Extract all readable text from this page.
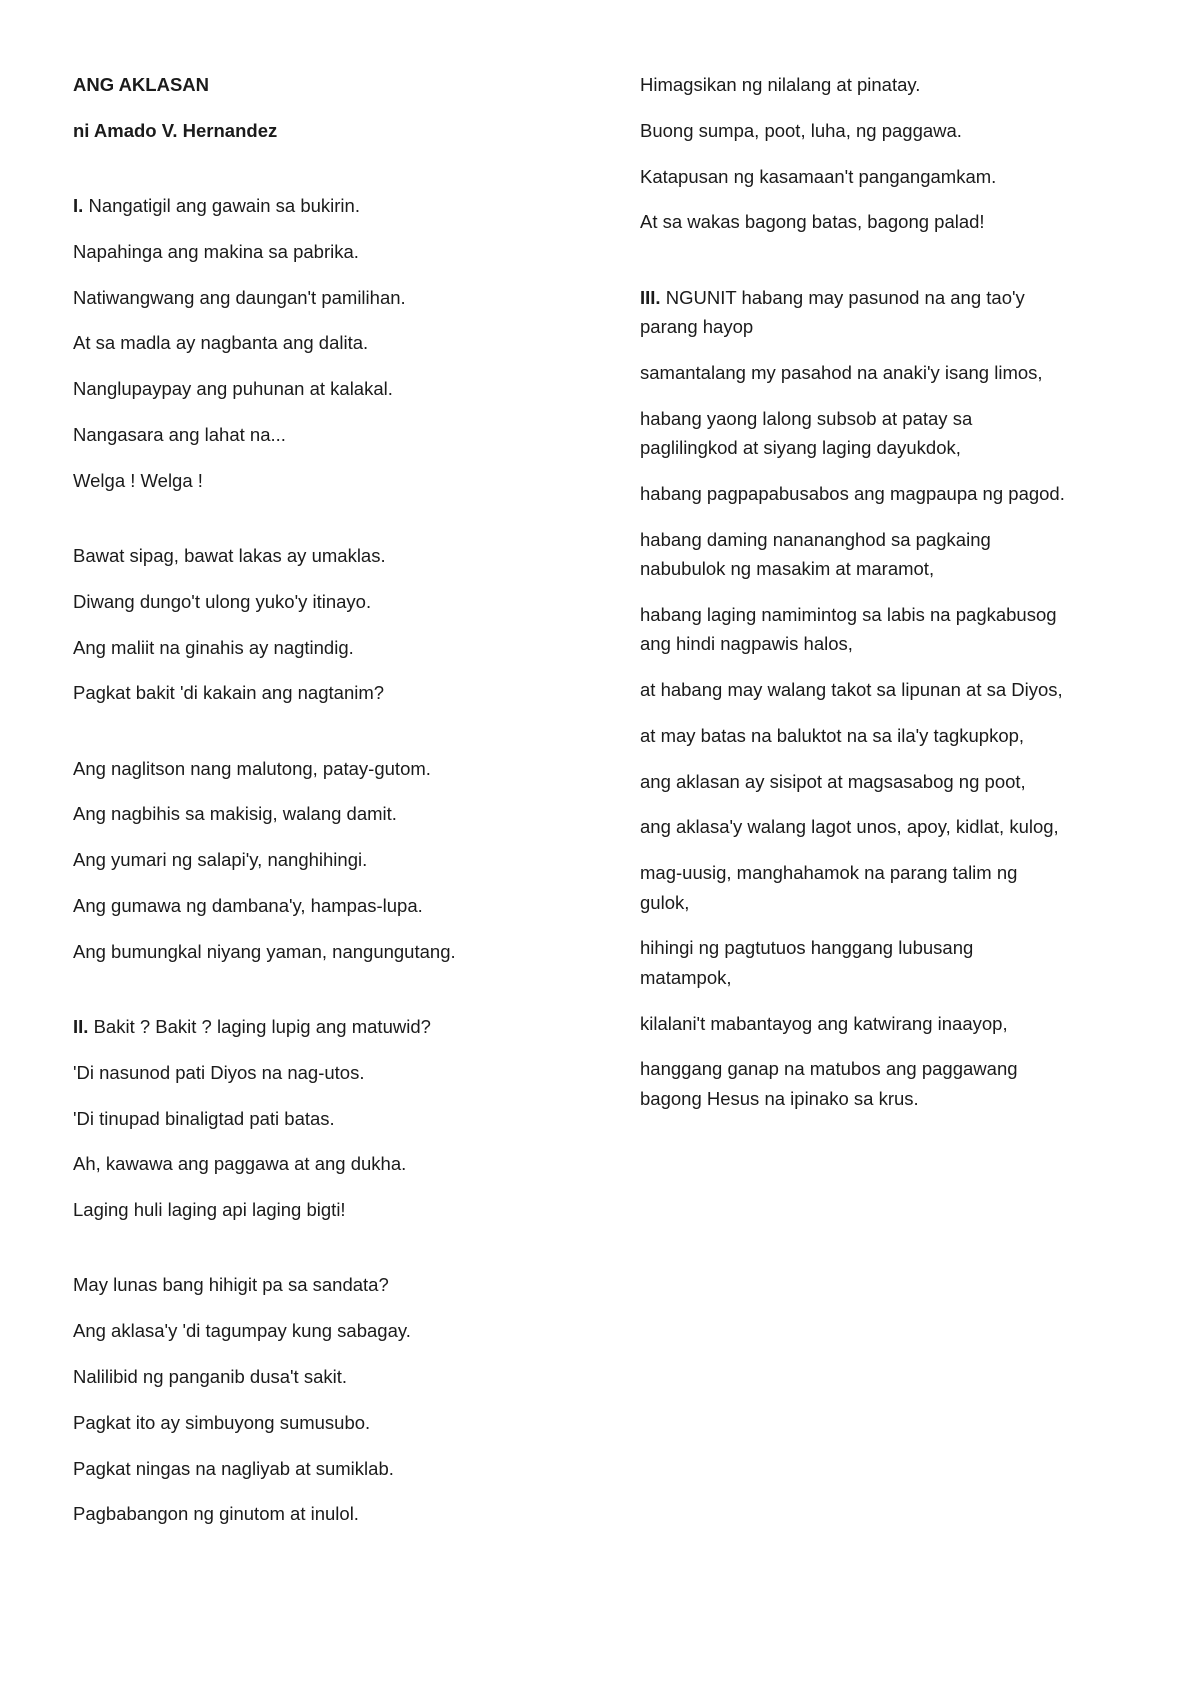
ANG AKLASAN

ni Amado V. Hernandez

I. Nangatigil ang gawain sa bukirin.

Napahinga ang makina sa pabrika.

Natiwangwang ang daungan't pamilihan.

At sa madla ay nagbanta ang dalita.

Nanglupaypay ang puhunan at kalakal.

Nangasara ang lahat na...

Welga ! Welga !

Bawat sipag, bawat lakas ay umaklas.

Diwang dungo't ulong yuko'y itinayo.

Ang maliit na ginahis ay nagtindig.

Pagkat bakit 'di kakain ang nagtanim?

Ang naglitson nang malutong, patay-gutom.

Ang nagbihis sa makisig, walang damit.

Ang yumari ng salapi'y, nanghihingi.

Ang gumawa ng dambana'y, hampas-lupa.

Ang bumungkal niyang yaman, nangungutang.

II. Bakit ? Bakit ? laging lupig ang matuwid?

'Di nasunod pati Diyos na nag-utos.

'Di tinupad binaligtad pati batas.

Ah, kawawa ang paggawa at ang dukha.

Laging huli laging api laging bigti!

May lunas bang hihigit pa sa sandata?

Ang aklasa'y 'di tagumpay kung sabagay.

Nalilibid ng panganib dusa't sakit.

Pagkat ito ay simbuyong sumusubo.

Pagkat ningas na nagliyab at sumiklab.

Pagbabangon ng ginutom at inulol.

Himagsikan ng nilalang at pinatay.

Buong sumpa, poot, luha, ng paggawa.

Katapusan ng kasamaan't pangangamkam.

At sa wakas bagong batas, bagong palad!

III. NGUNIT habang may pasunod na ang tao'y
parang hayop

samantalang my pasahod na anaki'y isang limos,

habang yaong lalong subsob at patay sa
paglilingkod at siyang laging dayukdok,

habang pagpapabusabos ang magpaupa ng pagod.

habang daming nanananghod sa pagkaing
nabubulok ng masakim at maramot,

habang laging namimintog sa labis na pagkabusog
ang hindi nagpawis halos,

at habang may walang takot sa lipunan at sa Diyos,

at may batas na baluktot na sa ila'y tagkupkop,

ang aklasan ay sisipot at magsasabog ng poot,

ang aklasa'y walang lagot unos, apoy, kidlat, kulog,

mag-uusig, manghahamok na parang talim ng
gulok,

hihingi ng pagtutuos hanggang lubusang
matampok,

kilalani't mabantayog ang katwirang inaayop,

hanggang ganap na matubos ang paggawang
bagong Hesus na ipinako sa krus.
